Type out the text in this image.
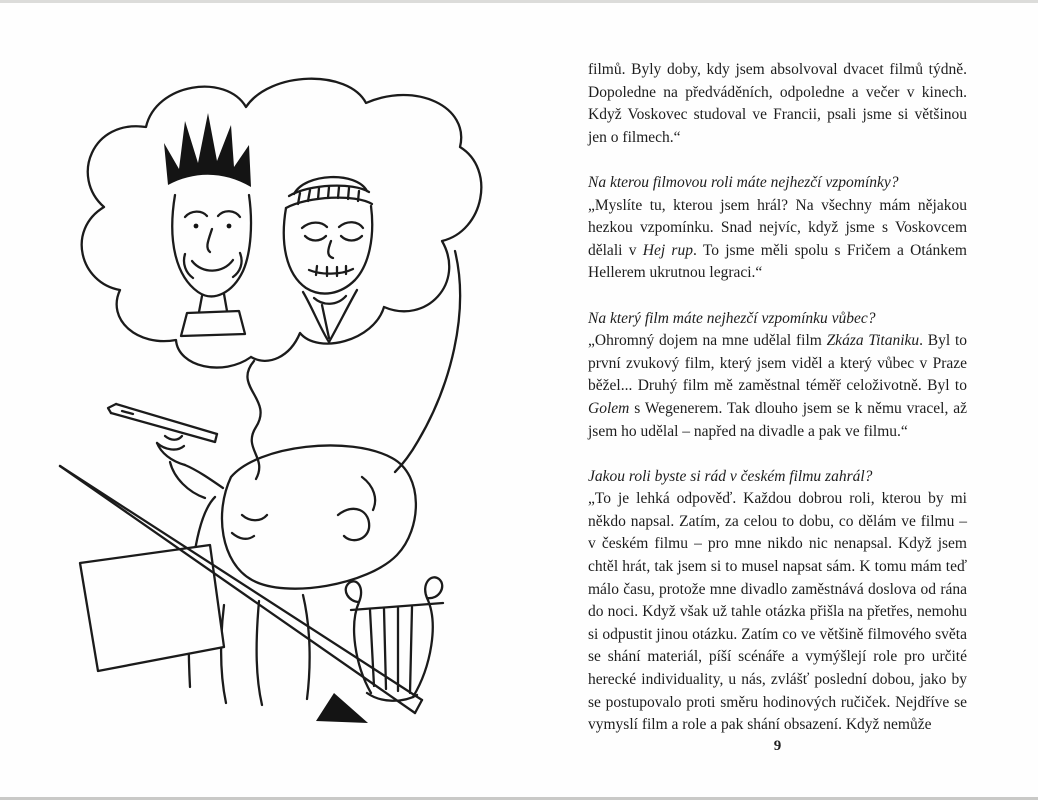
filmů. Byly doby, kdy jsem absolvoval dvacet filmů týdně. Dopoledne na předváděních, odpoledne a večer v kinech. Když Voskovec studoval ve Francii, psali jsme si většinou jen o filmech.“

Na kterou filmovou roli máte nejhezčí vzpomínky?

„Myslíte tu, kterou jsem hrál? Na všechny mám nějakou hezkou vzpomínku. Snad nejvíc, když jsme s Voskovcem dělali v Hej rup. To jsme měli spolu s Fričem a Otánkem Hellerem ukrutnou legraci.“

Na který film máte nejhezčí vzpomínku vůbec?

„Ohromný dojem na mne udělal film Zkáza Titaniku. Byl to první zvukový film, který jsem viděl a který vůbec v Praze běžel... Druhý film mě zaměstnal téměř celoživotně. Byl to Golem s Wegenerem. Tak dlouho jsem se k němu vracel, až jsem ho udělal – napřed na divadle a pak ve filmu.“

Jakou roli byste si rád v českém filmu zahrál?

„To je lehká odpověď. Každou dobrou roli, kterou by mi někdo napsal. Zatím, za celou to dobu, co dělám ve filmu – v českém filmu – pro mne nikdo nic nenapsal. Když jsem chtěl hrát, tak jsem si to musel napsat sám. K tomu mám teď málo času, protože mne divadlo zaměstnává doslova od rána do noci. Když však už tahle otázka přišla na přetřes, nemohu si odpustit jinou otázku. Zatím co ve většině filmového světa se shání materiál, píší scénáře a vymýšlejí role pro určité herecké individuality, u nás, zvlášť poslední dobou, jako by se postupovalo proti směru hodinových ručiček. Nejdříve se vymyslí film a role a pak shání obsazení. Když nemůže

9
